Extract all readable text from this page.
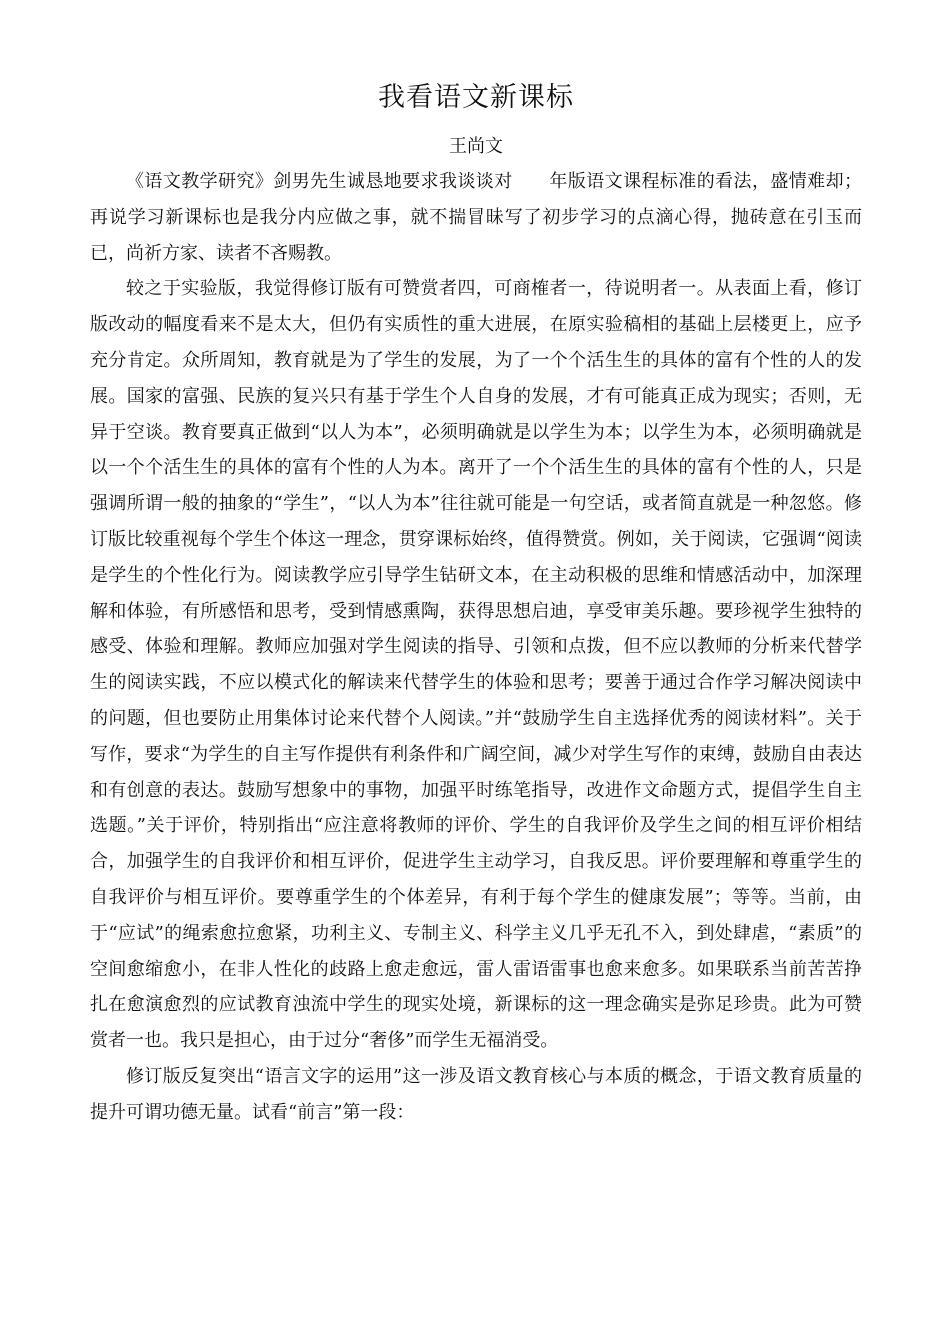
我看语文新课标
王尚文

《语文教学研究》剑男先生诚恳地要求我谈谈对　　年版语文课程标准的看法，盛情难却；再说学习新课标也是我分内应做之事，就不揣冒昧写了初步学习的点滴心得，抛砖意在引玉而已，尚祈方家、读者不吝赐教。

较之于实验版，我觉得修订版有可赞赏者四，可商榷者一，待说明者一。从表面上看，修订版改动的幅度看来不是太大，但仍有实质性的重大进展，在原实验稿相的基础上层楼更上，应予充分肯定。众所周知，教育就是为了学生的发展，为了一个个活生生的具体的富有个性的人的发展。国家的富强、民族的复兴只有基于学生个人自身的发展，才有可能真正成为现实；否则，无异于空谈。教育要真正做到“以人为本”，必须明确就是以学生为本；以学生为本，必须明确就是以一个个活生生的具体的富有个性的人为本。离开了一个个活生生的具体的富有个性的人，只是强调所谓一般的抽象的“学生”，“以人为本”往往就可能是一句空话，或者简直就是一种忽悠。修订版比较重视每个学生个体这一理念，贯穿课标始终，值得赞赏。例如，关于阅读，它强调“阅读是学生的个性化行为。阅读教学应引导学生钻研文本，在主动积极的思维和情感活动中，加深理解和体验，有所感悟和思考，受到情感熏陶，获得思想启迪，享受审美乐趣。要珍视学生独特的感受、体验和理解。教师应加强对学生阅读的指导、引领和点拨，但不应以教师的分析来代替学生的阅读实践，不应以模式化的解读来代替学生的体验和思考；要善于通过合作学习解决阅读中的问题，但也要防止用集体讨论来代替个人阅读。”并“鼓励学生自主选择优秀的阅读材料”。关于写作，要求“为学生的自主写作提供有利条件和广阔空间，减少对学生写作的束缚，鼓励自由表达和有创意的表达。鼓励写想象中的事物，加强平时练笔指导，改进作文命题方式，提倡学生自主选题。”关于评价，特别指出“应注意将教师的评价、学生的自我评价及学生之间的相互评价相结合，加强学生的自我评价和相互评价，促进学生主动学习，自我反思。评价要理解和尊重学生的自我评价与相互评价。要尊重学生的个体差异，有利于每个学生的健康发展”；等等。当前，由于“应试”的绳索愈拉愈紧，功利主义、专制主义、科学主义几乎无孔不入，到处肆虐，“素质”的空间愈缩愈小，在非人性化的歧路上愈走愈远，雷人雷语雷事也愈来愈多。如果联系当前苦苦挣扎在愈演愈烈的应试教育浊流中学生的现实处境，新课标的这一理念确实是弥足珍贵。此为可赞赏者一也。我只是担心，由于过分“奢侈”而学生无福消受。

修订版反复突出“语言文字的运用”这一涉及语文教育核心与本质的概念，于语文教育质量的提升可谓功德无量。试看“前言”第一段：
